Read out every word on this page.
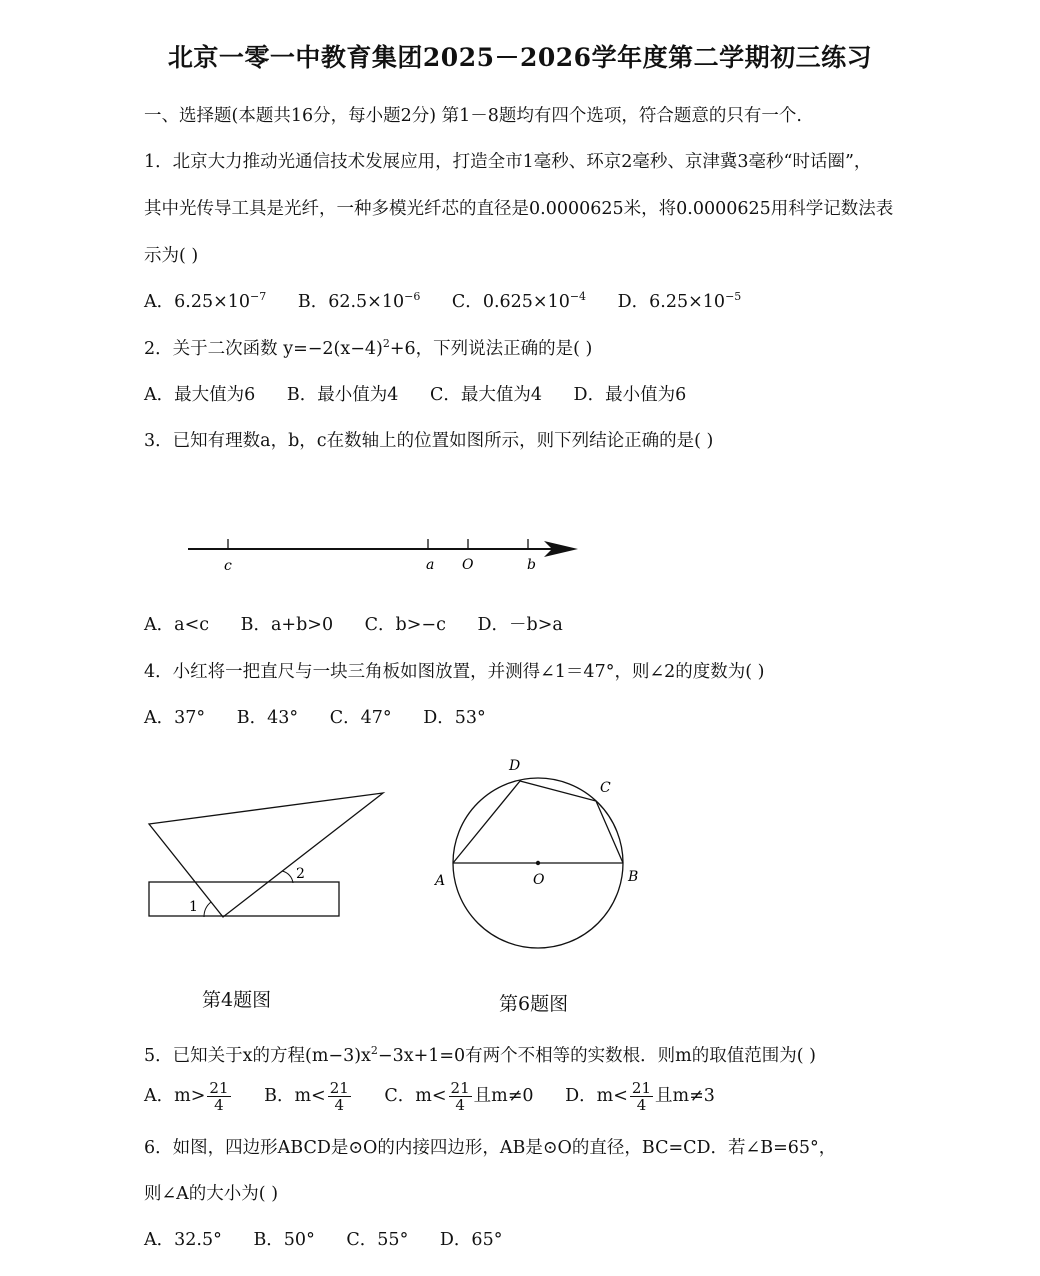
北京一零一中教育集团2025－2026学年度第二学期初三练习
一、选择题(本题共16分，每小题2分) 第1－8题均有四个选项，符合题意的只有一个.
1．北京大力推动光通信技术发展应用，打造全市1毫秒、环京2毫秒、京津冀3毫秒“时话圈”，
其中光传导工具是光纤，一种多模光纤芯的直径是0.0000625米，将0.0000625用科学记数法表
示为( )
A．$6.25\times 10^{-7}$ B．$62.5\times 10^{-6}$ C．$0.625\times 10^{-4}$ D．$6.25\times 10^{-5}$
2．关于二次函数 $y=-2(x-4)^2+6$，下列说法正确的是( )
A．最大值为6 B．最小值为4 C．最大值为4 D．最小值为6
3．已知有理数a，b，c在数轴上的位置如图所示，则下列结论正确的是( )
c	a O	b
A．a<c B．a+b>0 C．b>−c D．－b>a
4．小红将一把直尺与一块三角板如图放置，并测得∠1＝47°，则∠2的度数为( )
A．37° B．43° C．47° D．53°
1
2
D
C
A	O	B
第4题图	第6题图
5．已知关于x的方程$(m-3)x^2-3x+1=0$有两个不相等的实数根．则m的取值范围为( )
A．$m> \frac{21}{4}$ B．$m< \frac{21}{4}$ C．$m< \frac{21}{4}$ 且m≠0 D．$m< \frac{21}{4}$ 且m≠3
6．如图，四边形ABCD是⊙O的内接四边形，AB是⊙O的直径，BC=CD．若∠B=65°，
则∠A的大小为( )
A．32.5° B．50° C．55° D．65°
